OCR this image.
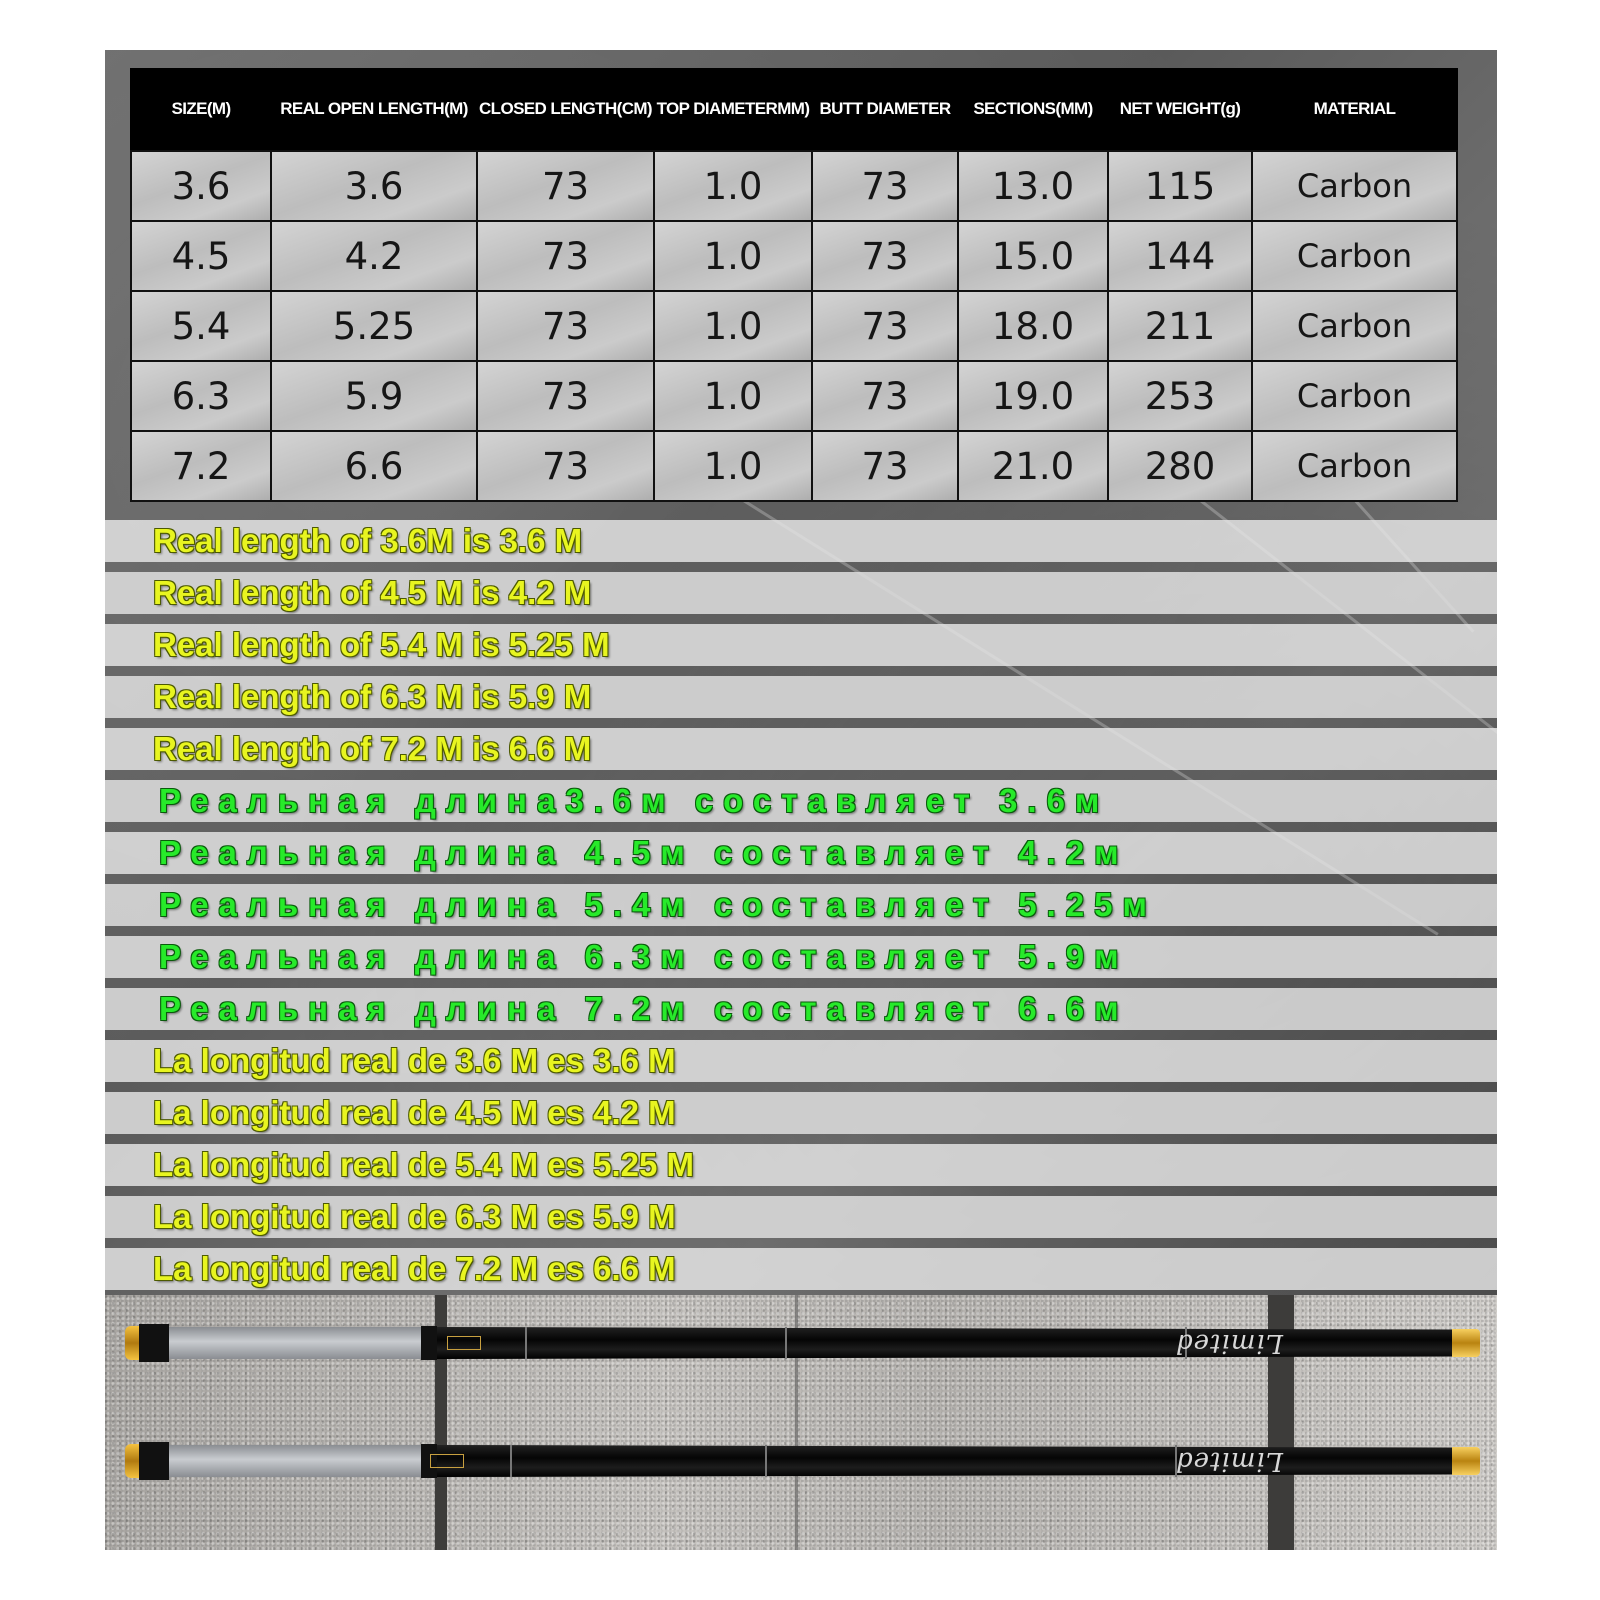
SIZE(M)	REAL OPEN LENGTH(M)	CLOSED LENGTH(CM)	TOP DIAMETERMM)	BUTT DIAMETER	SECTIONS(MM)	NET WEIGHT(g)	MATERIAL
3.6	3.6	73	1.0	73	13.0	115	Carbon
4.5	4.2	73	1.0	73	15.0	144	Carbon
5.4	5.25	73	1.0	73	18.0	211	Carbon
6.3	5.9	73	1.0	73	19.0	253	Carbon
7.2	6.6	73	1.0	73	21.0	280	Carbon
Real length of 3.6M is 3.6 M
Real length of 4.5 M is 4.2 M
Real length of 5.4 M is 5.25 M
Real length of 6.3 M is 5.9 M
Real length of 7.2 M is 6.6 M
Реальная длина3.6м составляет 3.6м
Реальная длина 4.5м составляет 4.2м
Реальная длина 5.4м составляет 5.25м
Реальная длина 6.3м составляет 5.9м
Реальная длина 7.2м составляет 6.6м
La longitud real de 3.6 M es 3.6 M
La longitud real de 4.5 M es 4.2 M
La longitud real de 5.4 M es 5.25 M
La longitud real de 6.3 M es 5.9 M
La longitud real de 7.2 M es 6.6 M
Limited
Limited
